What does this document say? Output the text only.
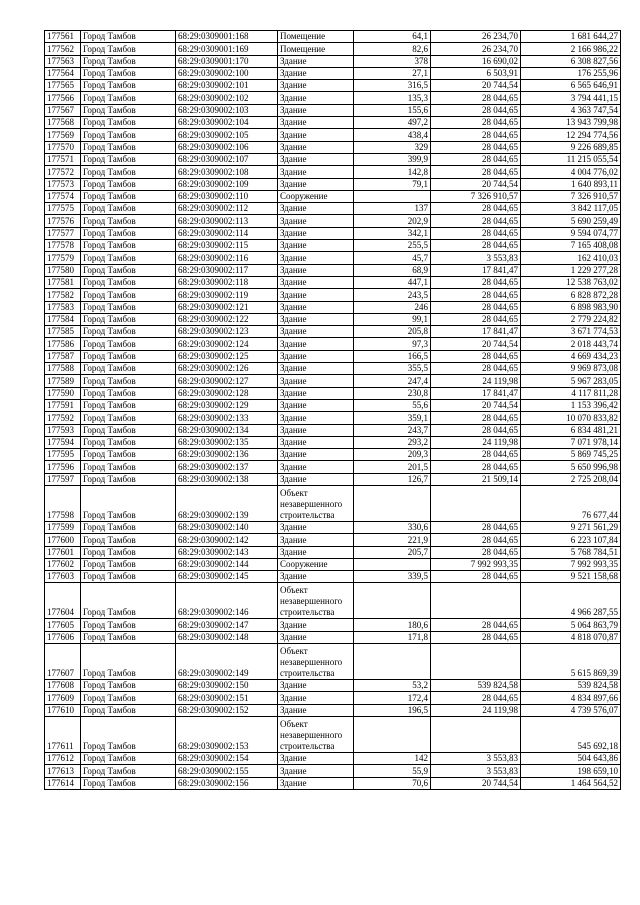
177561	Город Тамбов	68:29:0309001:168	Помещение	64,1	26 234,70	1 681 644,27
177562	Город Тамбов	68:29:0309001:169	Помещение	82,6	26 234,70	2 166 986,22
177563	Город Тамбов	68:29:0309001:170	Здание	378	16 690,02	6 308 827,56
177564	Город Тамбов	68:29:0309002:100	Здание	27,1	6 503,91	176 255,96
177565	Город Тамбов	68:29:0309002:101	Здание	316,5	20 744,54	6 565 646,91
177566	Город Тамбов	68:29:0309002:102	Здание	135,3	28 044,65	3 794 441,15
177567	Город Тамбов	68:29:0309002:103	Здание	155,6	28 044,65	4 363 747,54
177568	Город Тамбов	68:29:0309002:104	Здание	497,2	28 044,65	13 943 799,98
177569	Город Тамбов	68:29:0309002:105	Здание	438,4	28 044,65	12 294 774,56
177570	Город Тамбов	68:29:0309002:106	Здание	329	28 044,65	9 226 689,85
177571	Город Тамбов	68:29:0309002:107	Здание	399,9	28 044,65	11 215 055,54
177572	Город Тамбов	68:29:0309002:108	Здание	142,8	28 044,65	4 004 776,02
177573	Город Тамбов	68:29:0309002:109	Здание	79,1	20 744,54	1 640 893,11
177574	Город Тамбов	68:29:0309002:110	Сооружение		7 326 910,57	7 326 910,57
177575	Город Тамбов	68:29:0309002:112	Здание	137	28 044,65	3 842 117,05
177576	Город Тамбов	68:29:0309002:113	Здание	202,9	28 044,65	5 690 259,49
177577	Город Тамбов	68:29:0309002:114	Здание	342,1	28 044,65	9 594 074,77
177578	Город Тамбов	68:29:0309002:115	Здание	255,5	28 044,65	7 165 408,08
177579	Город Тамбов	68:29:0309002:116	Здание	45,7	3 553,83	162 410,03
177580	Город Тамбов	68:29:0309002:117	Здание	68,9	17 841,47	1 229 277,28
177581	Город Тамбов	68:29:0309002:118	Здание	447,1	28 044,65	12 538 763,02
177582	Город Тамбов	68:29:0309002:119	Здание	243,5	28 044,65	6 828 872,28
177583	Город Тамбов	68:29:0309002:121	Здание	246	28 044,65	6 898 983,90
177584	Город Тамбов	68:29:0309002:122	Здание	99,1	28 044,65	2 779 224,82
177585	Город Тамбов	68:29:0309002:123	Здание	205,8	17 841,47	3 671 774,53
177586	Город Тамбов	68:29:0309002:124	Здание	97,3	20 744,54	2 018 443,74
177587	Город Тамбов	68:29:0309002:125	Здание	166,5	28 044,65	4 669 434,23
177588	Город Тамбов	68:29:0309002:126	Здание	355,5	28 044,65	9 969 873,08
177589	Город Тамбов	68:29:0309002:127	Здание	247,4	24 119,98	5 967 283,05
177590	Город Тамбов	68:29:0309002:128	Здание	230,8	17 841,47	4 117 811,28
177591	Город Тамбов	68:29:0309002:129	Здание	55,6	20 744,54	1 153 396,42
177592	Город Тамбов	68:29:0309002:133	Здание	359,1	28 044,65	10 070 833,82
177593	Город Тамбов	68:29:0309002:134	Здание	243,7	28 044,65	6 834 481,21
177594	Город Тамбов	68:29:0309002:135	Здание	293,2	24 119,98	7 071 978,14
177595	Город Тамбов	68:29:0309002:136	Здание	209,3	28 044,65	5 869 745,25
177596	Город Тамбов	68:29:0309002:137	Здание	201,5	28 044,65	5 650 996,98
177597	Город Тамбов	68:29:0309002:138	Здание	126,7	21 509,14	2 725 208,04
177598	Город Тамбов	68:29:0309002:139	Объект незавершенного строительства			76 677,44
177599	Город Тамбов	68:29:0309002:140	Здание	330,6	28 044,65	9 271 561,29
177600	Город Тамбов	68:29:0309002:142	Здание	221,9	28 044,65	6 223 107,84
177601	Город Тамбов	68:29:0309002:143	Здание	205,7	28 044,65	5 768 784,51
177602	Город Тамбов	68:29:0309002:144	Сооружение		7 992 993,35	7 992 993,35
177603	Город Тамбов	68:29:0309002:145	Здание	339,5	28 044,65	9 521 158,68
177604	Город Тамбов	68:29:0309002:146	Объект незавершенного строительства			4 966 287,55
177605	Город Тамбов	68:29:0309002:147	Здание	180,6	28 044,65	5 064 863,79
177606	Город Тамбов	68:29:0309002:148	Здание	171,8	28 044,65	4 818 070,87
177607	Город Тамбов	68:29:0309002:149	Объект незавершенного строительства			5 615 869,39
177608	Город Тамбов	68:29:0309002:150	Здание	53,2	539 824,58	539 824,58
177609	Город Тамбов	68:29:0309002:151	Здание	172,4	28 044,65	4 834 897,66
177610	Город Тамбов	68:29:0309002:152	Здание	196,5	24 119,98	4 739 576,07
177611	Город Тамбов	68:29:0309002:153	Объект незавершенного строительства			545 692,18
177612	Город Тамбов	68:29:0309002:154	Здание	142	3 553,83	504 643,86
177613	Город Тамбов	68:29:0309002:155	Здание	55,9	3 553,83	198 659,10
177614	Город Тамбов	68:29:0309002:156	Здание	70,6	20 744,54	1 464 564,52
